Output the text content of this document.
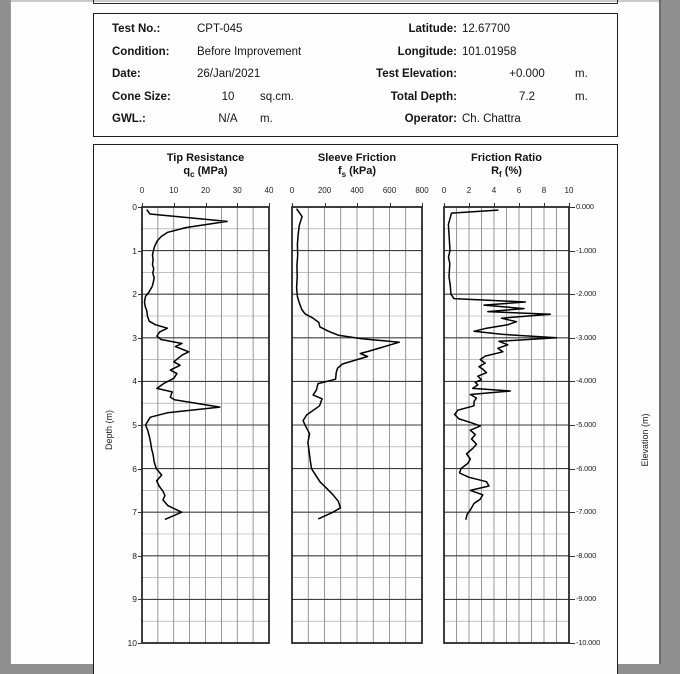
Test No.:	CPT-045	Latitude: 12.67700
Condition: Before Improvement	Longitude: 101.01958
Date:	26/Jan/2021	Test Elevation:	+0.000	m.
Cone Size:	10	sq.cm.	Total Depth:	7.2	m.
GWL.:	N/A	m.	Operator: Ch. Chattra
Tip Resistance
$q_c$ (MPa)
Sleeve Friction
$f_s$ (kPa)
Friction Ratio
$R_f$ (%)
Depth (m)	Elevation (m)
0	10	20	30	40	0	200	400	600	800	0	2	4	6	8	10
0
1
2
3
4
5
6
7
8
9
10
0.000
-1.000
-2.000
-3.000
-4.000
-5.000
-6.000
-7.000
-8.000
-9.000
-10.000
